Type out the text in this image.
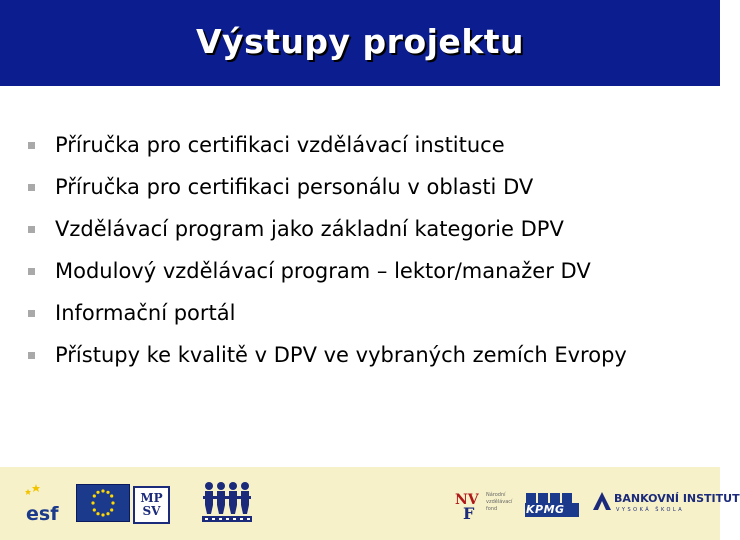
Výstupy projektu
Příručka pro certifikaci vzdělávací instituce
Příručka pro certifikaci personálu v oblasti DV
Vzdělávací program jako základní kategorie DPV
Modulový vzdělávací program – lektor/manažer DV
Informační portál
Přístupy ke kvalitě v DPV ve vybraných zemích Evropy
esf
MP
SV
NV
F
Národní vzdělávací fond	KPMG
BANKOVNÍ INSTITUT
VYSOKÁ ŠKOLA
